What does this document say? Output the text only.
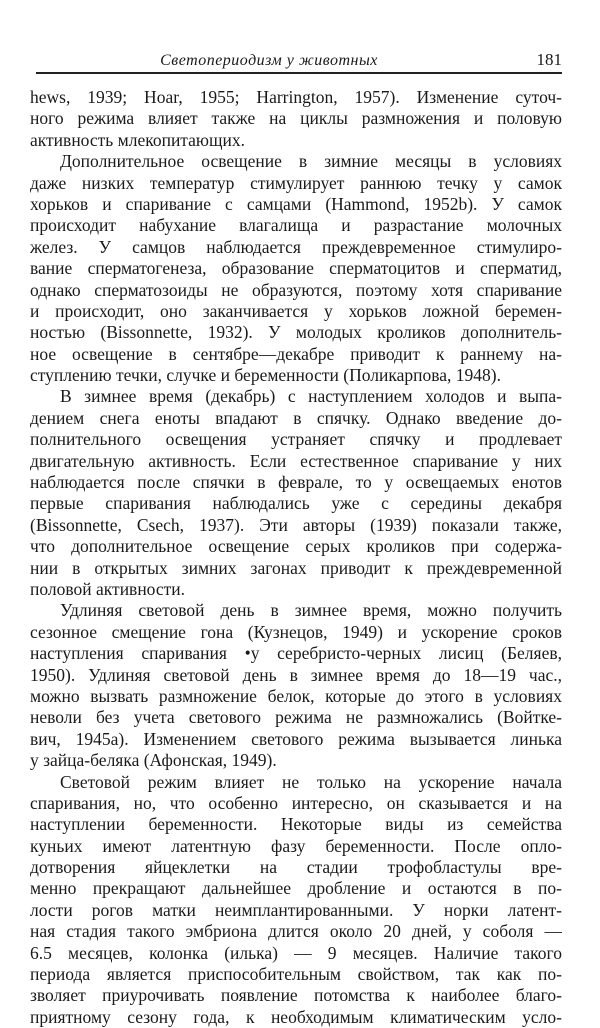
Светопериодизм у животных	181
hews, 1939; Hoar, 1955; Harrington, 1957). Изменение суточ-
ного режима влияет также на циклы размножения и половую
активность млекопитающих.
Дополнительное освещение в зимние месяцы в условиях
даже низких температур стимулирует раннюю течку у самок
хорьков и спаривание с самцами (Hammond, 1952b). У самок
происходит набухание влагалища и разрастание молочных
желез. У самцов наблюдается преждевременное стимулиро-
вание сперматогенеза, образование сперматоцитов и сперматид,
однако сперматозоиды не образуются, поэтому хотя спаривание
и происходит, оно заканчивается у хорьков ложной беремен-
ностью (Bissonnette, 1932). У молодых кроликов дополнитель-
ное освещение в сентябре—декабре приводит к раннему на-
ступлению течки, случке и беременности (Поликарпова, 1948).
В зимнее время (декабрь) с наступлением холодов и выпа-
дением снега еноты впадают в спячку. Однако введение до-
полнительного освещения устраняет спячку и продлевает
двигательную активность. Если естественное спаривание у них
наблюдается после спячки в феврале, то у освещаемых енотов
первые спаривания наблюдались уже с середины декабря
(Bissonnette, Csech, 1937). Эти авторы (1939) показали также,
что дополнительное освещение серых кроликов при содержа-
нии в открытых зимних загонах приводит к преждевременной
половой активности.
Удлиняя световой день в зимнее время, можно получить
сезонное смещение гона (Кузнецов, 1949) и ускорение сроков
наступления спаривания •у серебристо-черных лисиц (Беляев,
1950). Удлиняя световой день в зимнее время до 18—19 час.,
можно вызвать размножение белок, которые до этого в условиях
неволи без учета светового режима не размножались (Войтке-
вич, 1945a). Изменением светового режима вызывается линька
у зайца-беляка (Афонская, 1949).
Световой режим влияет не только на ускорение начала
спаривания, но, что особенно интересно, он сказывается и на
наступлении беременности. Некоторые виды из семейства
куньих имеют латентную фазу беременности. После опло-
дотворения яйцеклетки на стадии трофобластулы вре-
менно прекращают дальнейшее дробление и остаются в по-
лости рогов матки неимплантированными. У норки латент-
ная стадия такого эмбриона длится около 20 дней, у соболя —
6.5 месяцев, колонка (илька) — 9 месяцев. Наличие такого
периода является приспособительным свойством, так как по-
зволяет приурочивать появление потомства к наиболее благо-
приятному сезону года, к необходимым климатическим усло-
